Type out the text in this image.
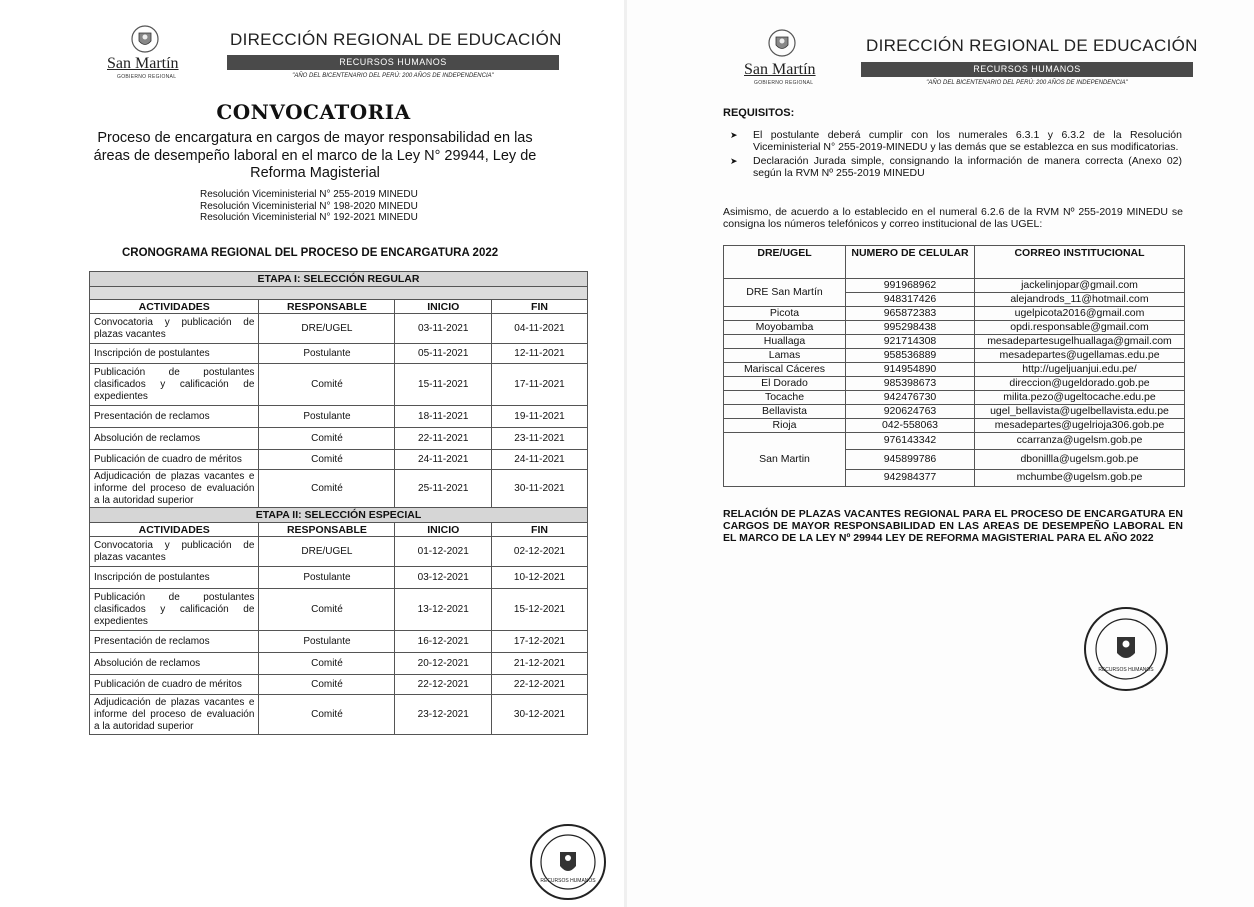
San Martín
GOBIERNO REGIONAL
DIRECCIÓN REGIONAL DE EDUCACIÓN
RECURSOS HUMANOS
"AÑO DEL BICENTENARIO DEL PERÚ: 200 AÑOS DE INDEPENDENCIA"
CONVOCATORIA
Proceso de encargatura en cargos de mayor responsabilidad en las áreas de desempeño laboral en el marco de la Ley N° 29944, Ley de Reforma Magisterial
Resolución Viceministerial N° 255-2019 MINEDU
Resolución Viceministerial N° 198-2020 MINEDU
Resolución Viceministerial N° 192-2021 MINEDU
CRONOGRAMA REGIONAL DEL PROCESO DE ENCARGATURA 2022
ETAPA I: SELECCIÓN REGULAR			

ACTIVIDADES	RESPONSABLE	INICIO	FIN
Convocatoria y publicación de plazas vacantes	DRE/UGEL	03-11-2021	04-11-2021
Inscripción de postulantes	Postulante	05-11-2021	12-11-2021
Publicación de postulantes clasificados y calificación de expedientes	Comité	15-11-2021	17-11-2021
Presentación de reclamos	Postulante	18-11-2021	19-11-2021
Absolución de reclamos	Comité	22-11-2021	23-11-2021
Publicación de cuadro de méritos	Comité	24-11-2021	24-11-2021
Adjudicación de plazas vacantes e informe del proceso de evaluación a la autoridad superior	Comité	25-11-2021	30-11-2021
ETAPA II: SELECCIÓN ESPECIAL			
ACTIVIDADES	RESPONSABLE	INICIO	FIN
Convocatoria y publicación de plazas vacantes	DRE/UGEL	01-12-2021	02-12-2021
Inscripción de postulantes	Postulante	03-12-2021	10-12-2021
Publicación de postulantes clasificados y calificación de expedientes	Comité	13-12-2021	15-12-2021
Presentación de reclamos	Postulante	16-12-2021	17-12-2021
Absolución de reclamos	Comité	20-12-2021	21-12-2021
Publicación de cuadro de méritos	Comité	22-12-2021	22-12-2021
Adjudicación de plazas vacantes e informe del proceso de evaluación a la autoridad superior	Comité	23-12-2021	30-12-2021
RECURSOS HUMANOS
San Martín
GOBIERNO REGIONAL
DIRECCIÓN REGIONAL DE EDUCACIÓN
RECURSOS HUMANOS
"AÑO DEL BICENTENARIO DEL PERÚ: 200 AÑOS DE INDEPENDENCIA"
REQUISITOS:
➤	El postulante deberá cumplir con los numerales 6.3.1 y 6.3.2 de la Resolución Viceministerial N° 255-2019-MINEDU y las demás que se establezca en sus modificatorias.
➤	Declaración Jurada simple, consignando la información de manera correcta (Anexo 02) según la RVM Nº 255-2019 MINEDU
Asimismo, de acuerdo a lo establecido en el numeral 6.2.6 de la RVM Nº 255-2019 MINEDU se consigna los números telefónicos y correo institucional de las UGEL:
DRE/UGEL	NUMERO DE CELULAR	CORREO INSTITUCIONAL
DRE San Martín	991968962	jackelinjopar@gmail.com
	948317426	alejandrods_11@hotmail.com
Picota	965872383	ugelpicota2016@gmail.com
Moyobamba	995298438	opdi.responsable@gmail.com
Huallaga	921714308	mesadepartesugelhuallaga@gmail.com
Lamas	958536889	mesadepartes@ugellamas.edu.pe
Mariscal Cáceres	914954890	http://ugeljuanjui.edu.pe/
El Dorado	985398673	direccion@ugeldorado.gob.pe
Tocache	942476730	milita.pezo@ugeltocache.edu.pe
Bellavista	920624763	ugel_bellavista@ugelbellavista.edu.pe
Rioja	042-558063	mesadepartes@ugelrioja306.gob.pe
San Martin	976143342	ccarranza@ugelsm.gob.pe
	945899786	dbonillla@ugelsm.gob.pe
	942984377	mchumbe@ugelsm.gob.pe
RELACIÓN DE PLAZAS VACANTES REGIONAL PARA EL PROCESO DE ENCARGATURA EN CARGOS DE MAYOR RESPONSABILIDAD EN LAS AREAS DE DESEMPEÑO LABORAL EN EL MARCO DE LA LEY Nº 29944 LEY DE REFORMA MAGISTERIAL PARA EL AÑO 2022
RECURSOS HUMANOS
